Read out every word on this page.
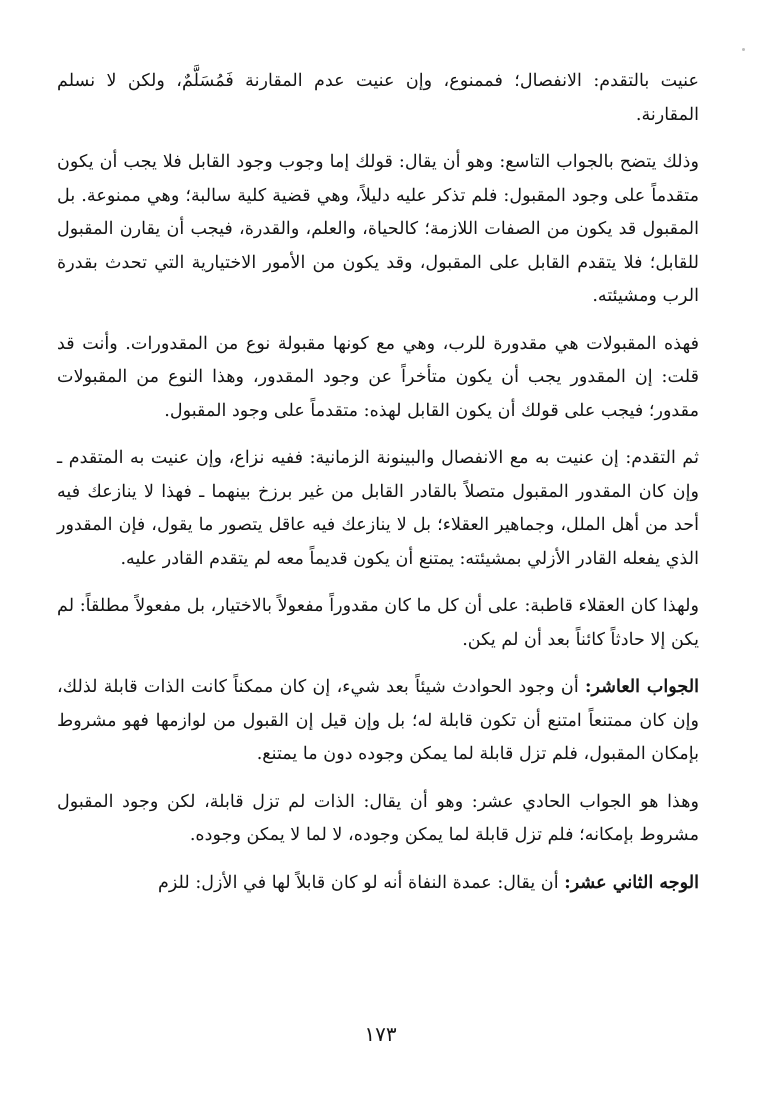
عنيت بالتقدم: الانفصال؛ فممنوع، وإن عنيت عدم المقارنة فَمُسَلَّمٌ، ولكن لا نسلم المقارنة.

وذلك يتضح بالجواب التاسع: وهو أن يقال: قولك إما وجوب وجود القابل فلا يجب أن يكون متقدماً على وجود المقبول: فلم تذكر عليه دليلاً، وهي قضية كلية سالبة؛ وهي ممنوعة. بل المقبول قد يكون من الصفات اللازمة؛ كالحياة، والعلم، والقدرة، فيجب أن يقارن المقبول للقابل؛ فلا يتقدم القابل على المقبول، وقد يكون من الأمور الاختيارية التي تحدث بقدرة الرب ومشيئته.

فهذه المقبولات هي مقدورة للرب، وهي مع كونها مقبولة نوع من المقدورات. وأنت قد قلت: إن المقدور يجب أن يكون متأخراً عن وجود المقدور، وهذا النوع من المقبولات مقدور؛ فيجب على قولك أن يكون القابل لهذه: متقدماً على وجود المقبول.

ثم التقدم: إن عنيت به مع الانفصال والبينونة الزمانية: ففيه نزاع، وإن عنيت به المتقدم ـ وإن كان المقدور المقبول متصلاً بالقادر القابل من غير برزخ بينهما ـ فهذا لا ينازعك فيه أحد من أهل الملل، وجماهير العقلاء؛ بل لا ينازعك فيه عاقل يتصور ما يقول، فإن المقدور الذي يفعله القادر الأزلي بمشيئته: يمتنع أن يكون قديماً معه لم يتقدم القادر عليه.

ولهذا كان العقلاء قاطبة: على أن كل ما كان مقدوراً مفعولاً بالاختيار، بل مفعولاً مطلقاً: لم يكن إلا حادثاً كائناً بعد أن لم يكن.

الجواب العاشر: أن وجود الحوادث شيئاً بعد شيء، إن كان ممكناً كانت الذات قابلة لذلك، وإن كان ممتنعاً امتنع أن تكون قابلة له؛ بل وإن قيل إن القبول من لوازمها فهو مشروط بإمكان المقبول، فلم تزل قابلة لما يمكن وجوده دون ما يمتنع.

وهذا هو الجواب الحادي عشر: وهو أن يقال: الذات لم تزل قابلة، لكن وجود المقبول مشروط بإمكانه؛ فلم تزل قابلة لما يمكن وجوده، لا لما لا يمكن وجوده.

الوجه الثاني عشر: أن يقال: عمدة النفاة أنه لو كان قابلاً لها في الأزل: للزم

١٧٣
